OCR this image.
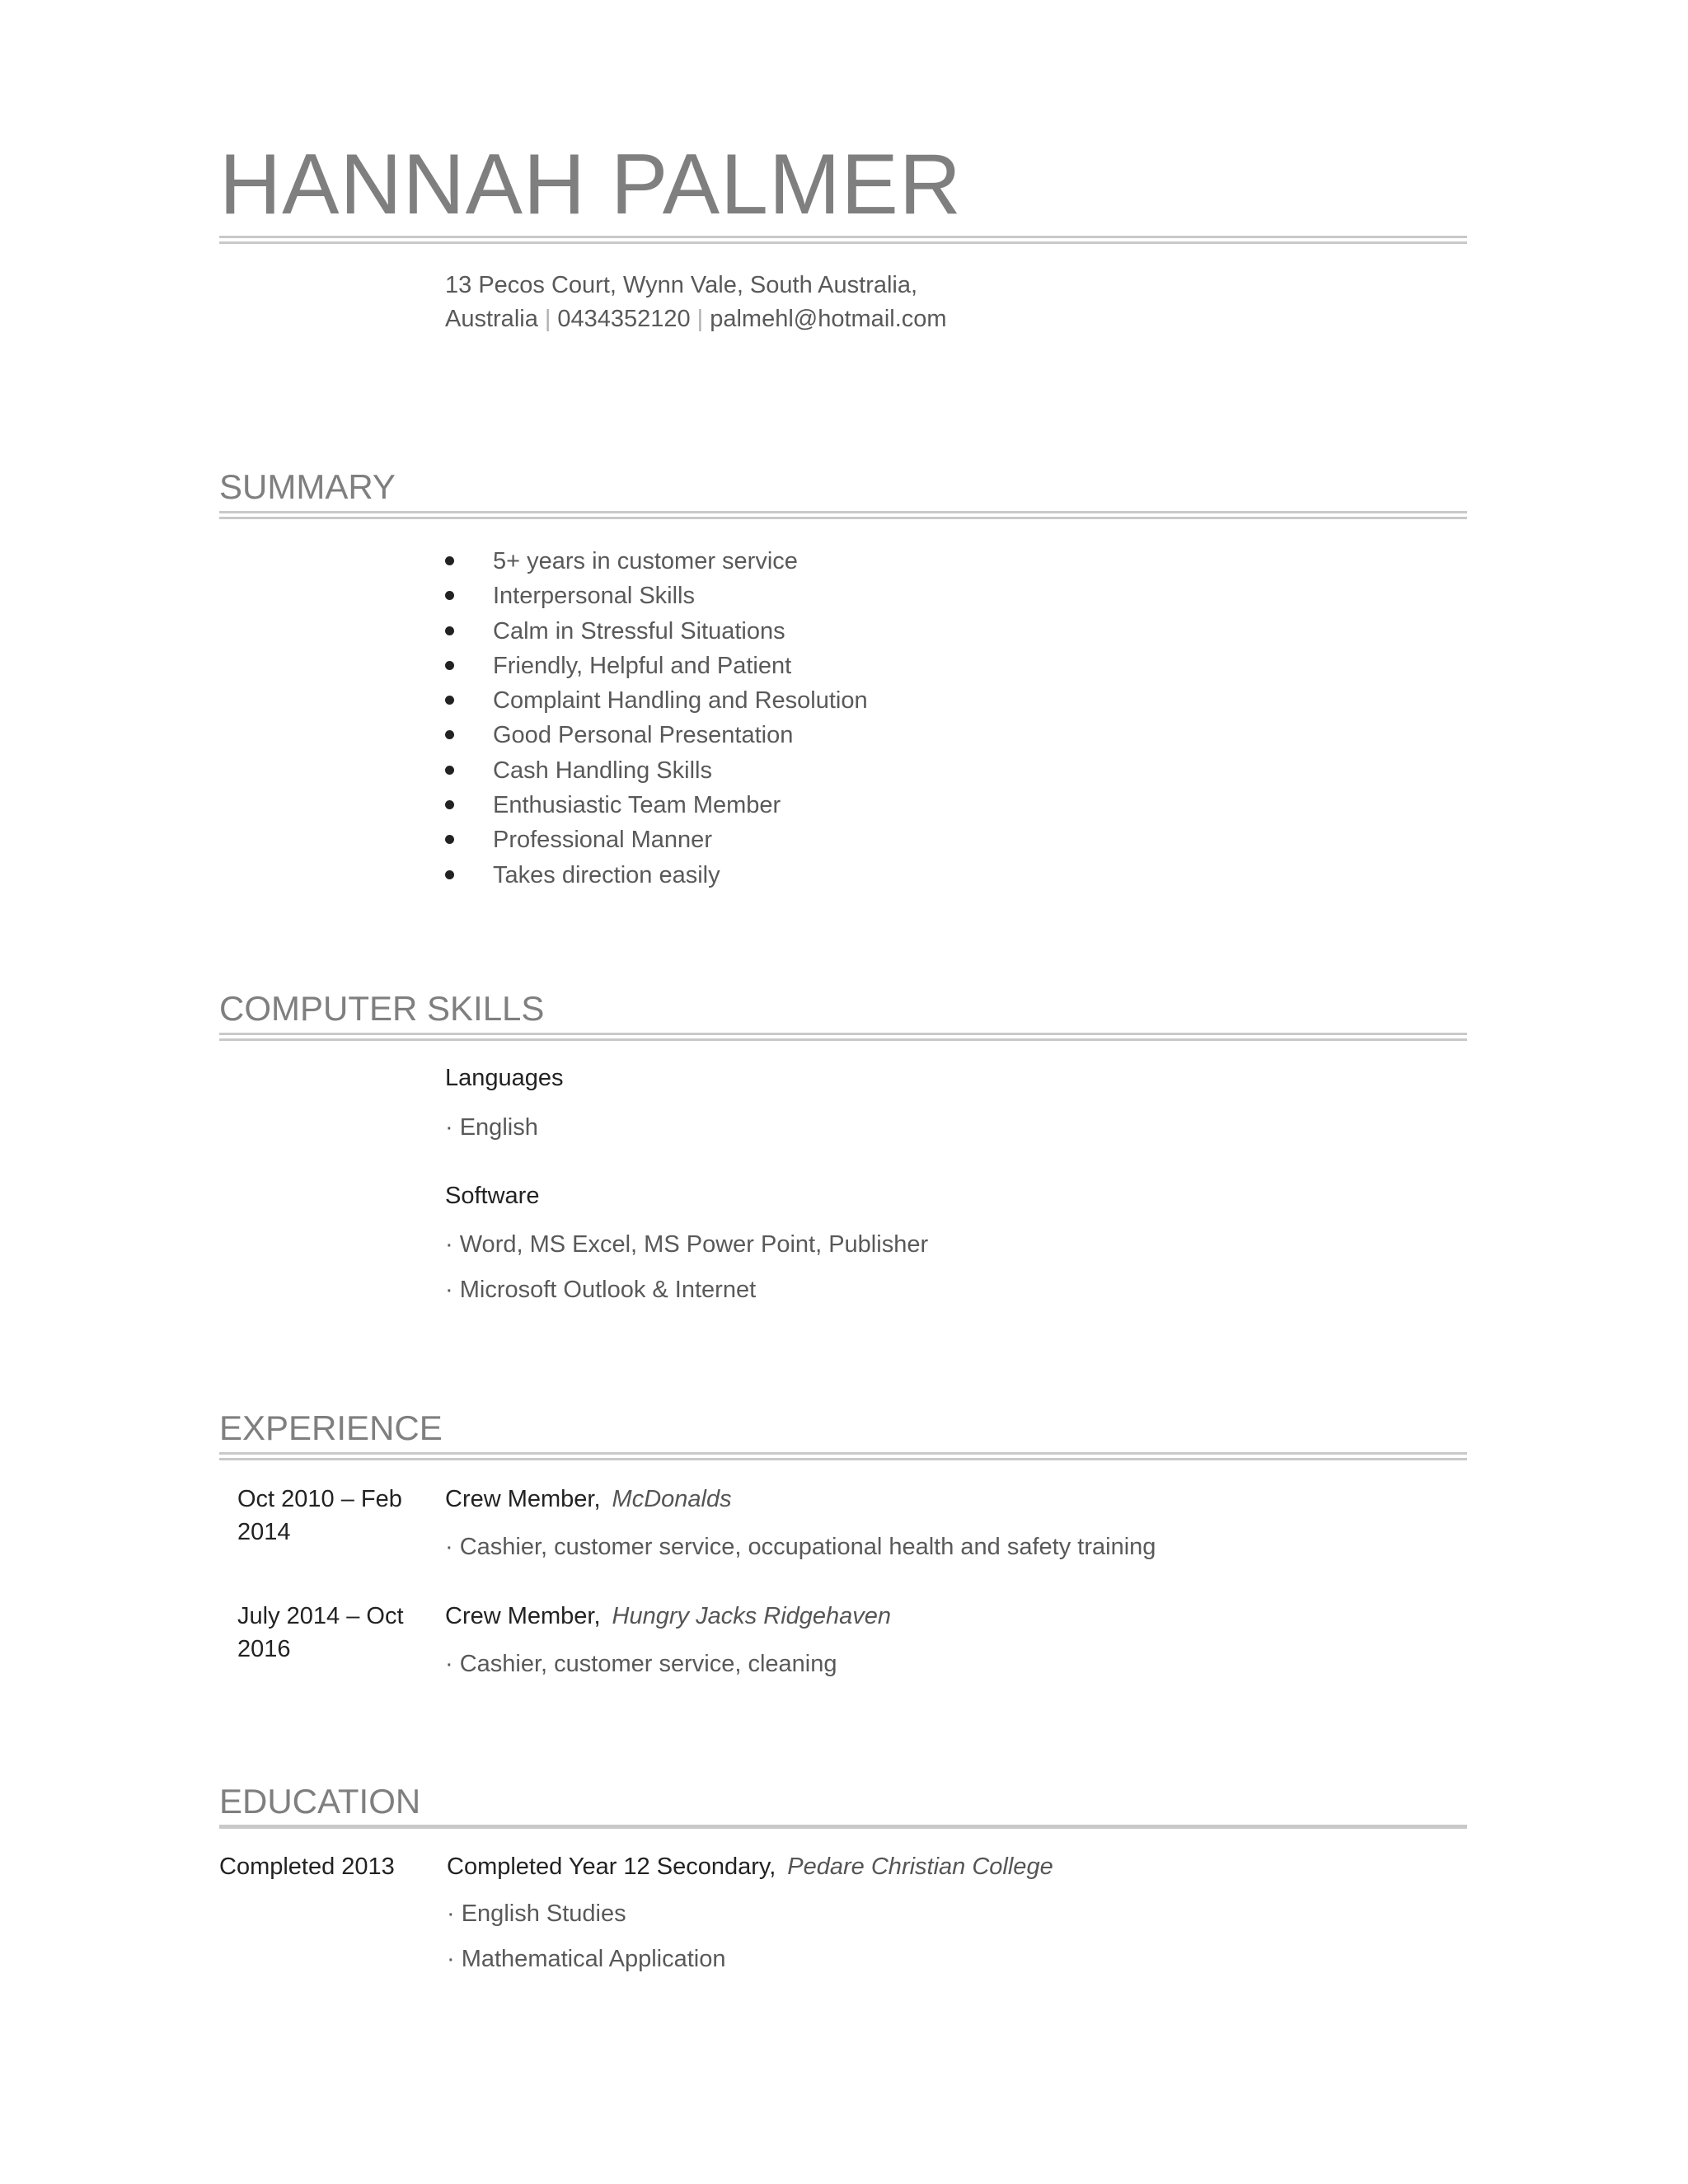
HANNAH PALMER
13 Pecos Court, Wynn Vale, South Australia,
Australia | 0434352120 | palmehl@hotmail.com
SUMMARY
5+ years in customer service
Interpersonal Skills
Calm in Stressful Situations
Friendly, Helpful and Patient
Complaint Handling and Resolution
Good Personal Presentation
Cash Handling Skills
Enthusiastic Team Member
Professional Manner
Takes direction easily
COMPUTER SKILLS
Languages
· English
Software
· Word, MS Excel, MS Power Point, Publisher
· Microsoft Outlook & Internet
EXPERIENCE
Oct 2010 – Feb 2014
Crew Member, McDonalds
· Cashier, customer service, occupational health and safety training
July 2014 – Oct 2016
Crew Member, Hungry Jacks Ridgehaven
· Cashier, customer service, cleaning
EDUCATION
Completed 2013	Completed Year 12 Secondary, Pedare Christian College
· English Studies
· Mathematical Application
